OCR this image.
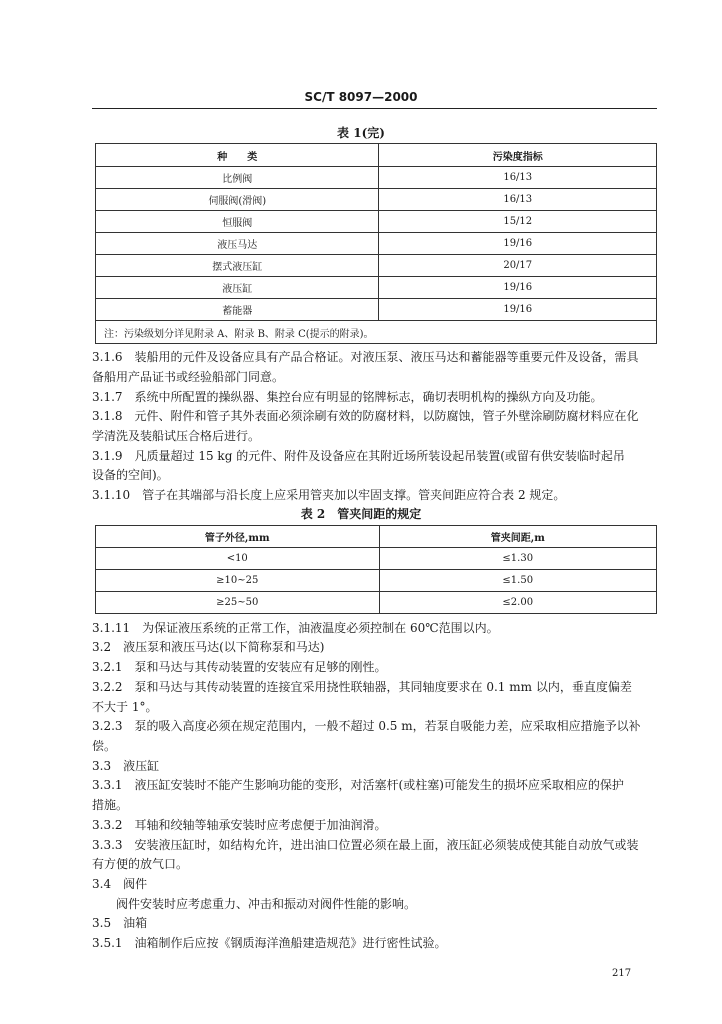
SC/T 8097—2000
表 1(完)
种　　类	污染度指标
比例阀	16/13
伺服阀(滑阀)	16/13
恒服阀	15/12
液压马达	19/16
摆式液压缸	20/17
液压缸	19/16
蓄能器	19/16
注：污染级划分详见附录 A、附录 B、附录 C(提示的附录)。	
3.1.6　装船用的元件及设备应具有产品合格证。对液压泵、液压马达和蓄能器等重要元件及设备，需具
备船用产品证书或经验船部门同意。
3.1.7　系统中所配置的操纵器、集控台应有明显的铭牌标志，确切表明机构的操纵方向及功能。
3.1.8　元件、附件和管子其外表面必须涂刷有效的防腐材料，以防腐蚀，管子外壁涂刷防腐材料应在化
学清洗及装船试压合格后进行。
3.1.9　凡质量超过 15 kg 的元件、附件及设备应在其附近场所装设起吊装置(或留有供安装临时起吊
设备的空间)。
3.1.10　管子在其端部与沿长度上应采用管夹加以牢固支撑。管夹间距应符合表 2 规定。
表 2　管夹间距的规定
管子外径,mm	管夹间距,m
<10	≤1.30
≥10~25	≤1.50
≥25~50	≤2.00
3.1.11　为保证液压系统的正常工作，油液温度必须控制在 60℃范围以内。
3.2　液压泵和液压马达(以下简称泵和马达)
3.2.1　泵和马达与其传动装置的安装应有足够的刚性。
3.2.2　泵和马达与其传动装置的连接宜采用挠性联轴器，其同轴度要求在 0.1 mm 以内，垂直度偏差
不大于 1°。
3.2.3　泵的吸入高度必须在规定范围内，一般不超过 0.5 m，若泵自吸能力差，应采取相应措施予以补
偿。
3.3　液压缸
3.3.1　液压缸安装时不能产生影响功能的变形，对活塞杆(或柱塞)可能发生的损坏应采取相应的保护
措施。
3.3.2　耳轴和绞轴等轴承安装时应考虑便于加油润滑。
3.3.3　安装液压缸时，如结构允许，进出油口位置必须在最上面，液压缸必须装成使其能自动放气或装
有方便的放气口。
3.4　阀件
　　阀件安装时应考虑重力、冲击和振动对阀件性能的影响。
3.5　油箱
3.5.1　油箱制作后应按《钢质海洋渔船建造规范》进行密性试验。
217
